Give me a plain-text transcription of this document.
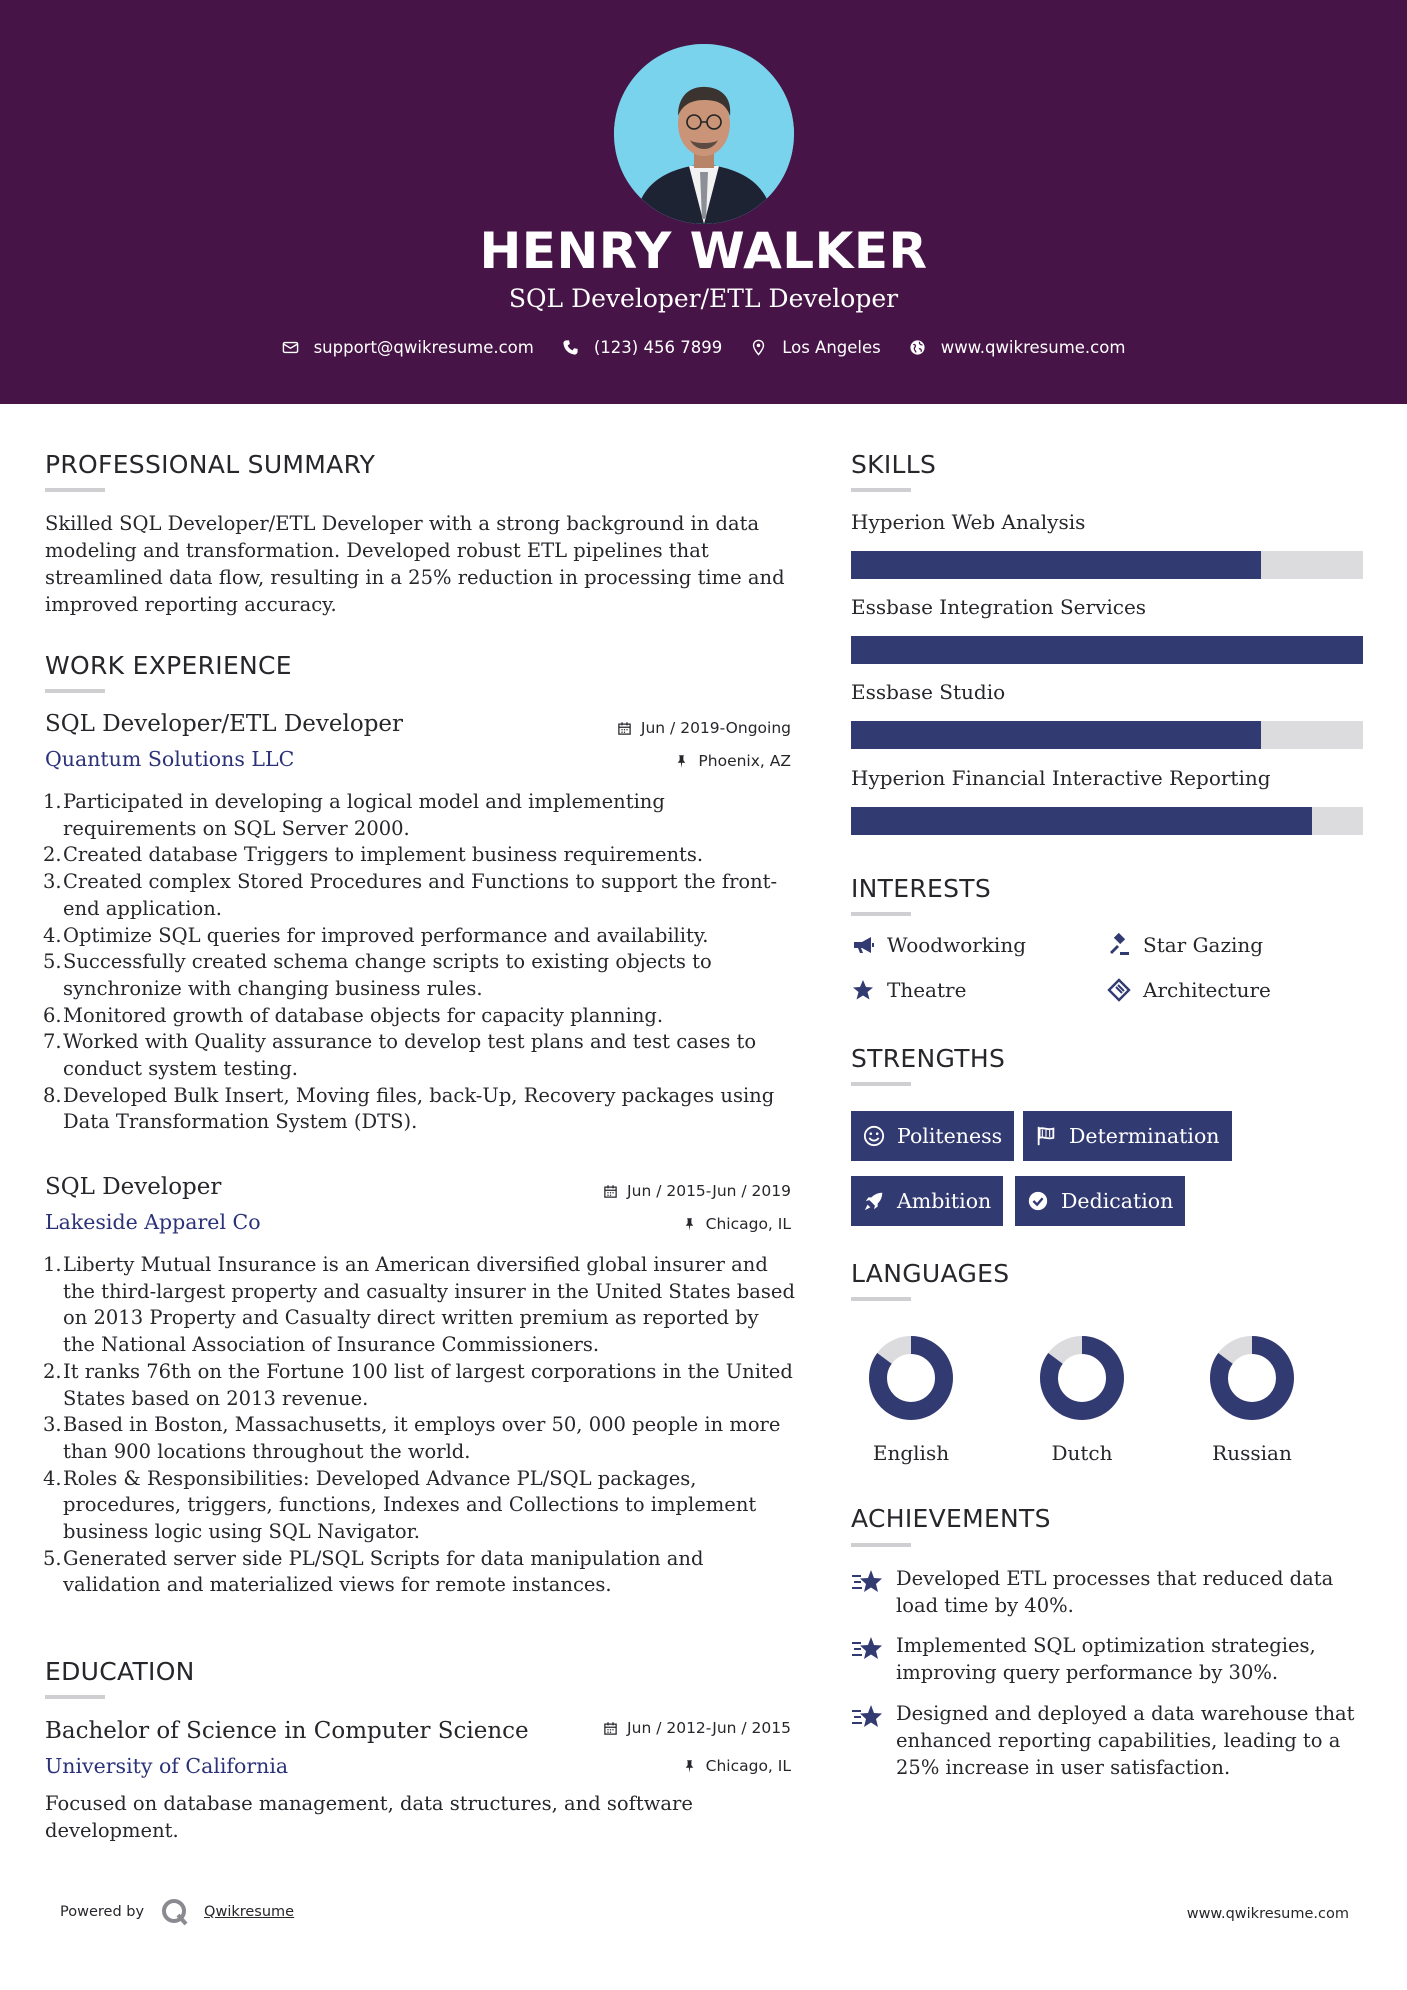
HENRY WALKER
SQL Developer/ETL Developer
support@qwikresume.com	(123) 456 7899	Los Angeles	www.qwikresume.com
PROFESSIONAL SUMMARY
Skilled SQL Developer/ETL Developer with a strong background in data modeling and transformation. Developed robust ETL pipelines that streamlined data flow, resulting in a 25% reduction in processing time and improved reporting accuracy.
WORK EXPERIENCE
SQL Developer/ETL Developer	Jun / 2019-Ongoing
Quantum Solutions LLC	Phoenix, AZ
Participated in developing a logical model and implementing requirements on SQL Server 2000.
Created database Triggers to implement business requirements.
Created complex Stored Procedures and Functions to support the front-end application.
Optimize SQL queries for improved performance and availability.
Successfully created schema change scripts to existing objects to synchronize with changing business rules.
Monitored growth of database objects for capacity planning.
Worked with Quality assurance to develop test plans and test cases to conduct system testing.
Developed Bulk Insert, Moving files, back-Up, Recovery packages using Data Transformation System (DTS).
SQL Developer	Jun / 2015-Jun / 2019
Lakeside Apparel Co	Chicago, IL
Liberty Mutual Insurance is an American diversified global insurer and the third-largest property and casualty insurer in the United States based on 2013 Property and Casualty direct written premium as reported by the National Association of Insurance Commissioners.
It ranks 76th on the Fortune 100 list of largest corporations in the United States based on 2013 revenue.
Based in Boston, Massachusetts, it employs over 50, 000 people in more than 900 locations throughout the world.
Roles & Responsibilities: Developed Advance PL/SQL packages, procedures, triggers, functions, Indexes and Collections to implement business logic using SQL Navigator.
Generated server side PL/SQL Scripts for data manipulation and validation and materialized views for remote instances.
EDUCATION
Bachelor of Science in Computer Science	Jun / 2012-Jun / 2015
University of California	Chicago, IL
Focused on database management, data structures, and software development.
SKILLS
Hyperion Web Analysis
Essbase Integration Services
Essbase Studio
Hyperion Financial Interactive Reporting
INTERESTS
Woodworking	Star Gazing
Theatre	Architecture
STRENGTHS
Politeness	Determination
Ambition	Dedication
LANGUAGES
English	Dutch	Russian
ACHIEVEMENTS
Developed ETL processes that reduced data load time by 40%.
Implemented SQL optimization strategies, improving query performance by 30%.
Designed and deployed a data warehouse that enhanced reporting capabilities, leading to a 25% increase in user satisfaction.
Powered by	Qwikresume	www.qwikresume.com
